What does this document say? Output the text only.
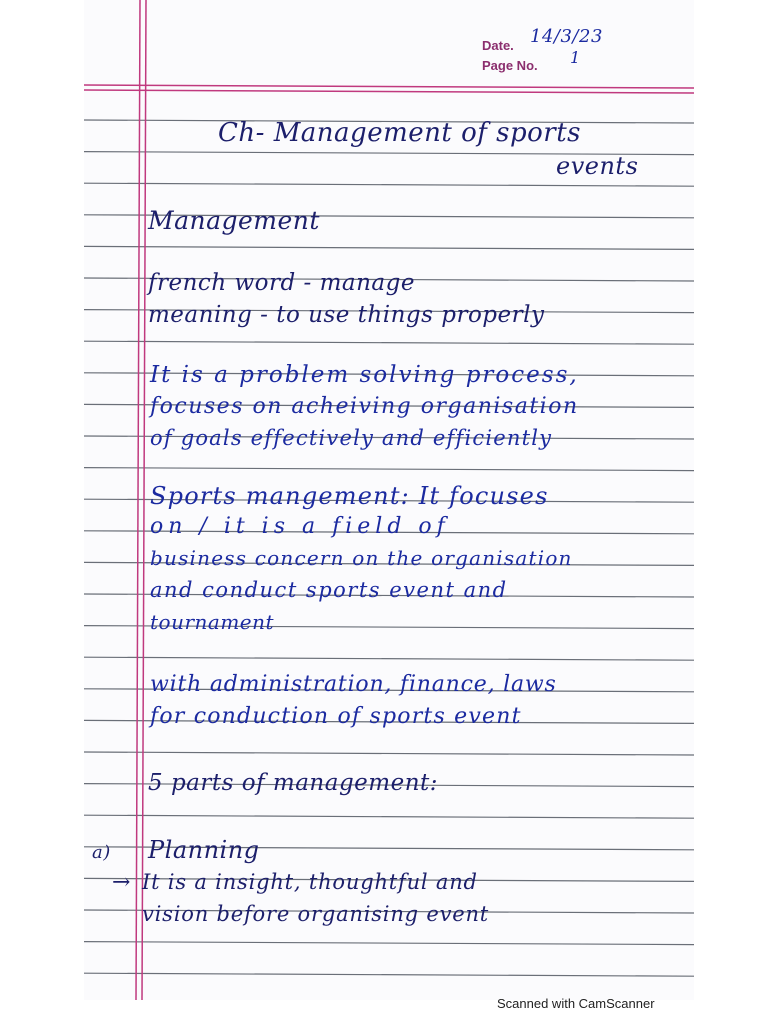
Date. 14/3/23
Page No. 1
Ch- Management of sports
events
Management
french word - manage
meaning - to use things properly
It is a problem solving process,
focuses on acheiving organisation
of goals effectively and efficiently
Sports mangement: It focuses
on / it is a field of
business concern on the organisation
and conduct sports event and
tournament
with administration, finance, laws
for conduction of sports event
5 parts of management:
a) Planning
→ It is a insight, thoughtful and
vision before organising event
Scanned with CamScanner
